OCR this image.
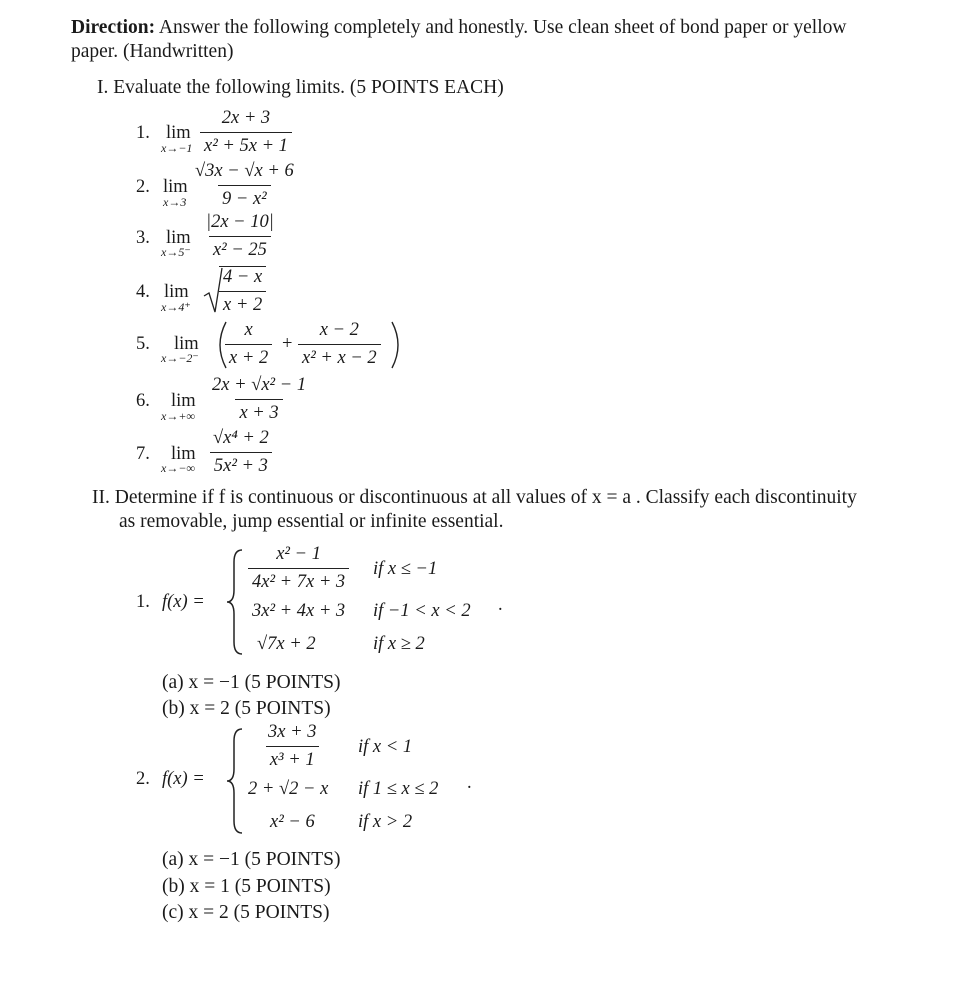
Direction: Answer the following completely and honestly. Use clean sheet of bond paper or yellow
paper. (Handwritten)
I. Evaluate the following limits. (5 POINTS EACH)
1. lim
$x\to-1 \frac{2x + 3}{\text{x² + 5x + 1}}$
2. lim
$x\to 3 \frac{√3x - √x + 6}{\text{9 − x²}}$
3. lim
$x\to 5^- \frac{|2x - 10|}{\text{x² − 25}}$
4. lim
$x\to 4^+ \frac{4 - x}{x + 2}$
5. lim
$x\to-2^- \frac{x}{x + 2} + \frac{x - 2}{\text{x² + x − 2}}$
6. lim
$x\to+\infty \frac{\text{2x + √x² − 1}}{x + 3}$
7. lim
$x\to-\infty \frac{\text{√x⁴ + 2}}{\text{5x² + 3}}$
II. Determine if f is continuous or discontinuous at all values of x = a . Classify each discontinuity
as removable, jump essential or infinite essential.
1. f(x) =
$\frac{\text{x² − 1}}{\text{4x² + 7x + 3}}$ if x ≤ −1
3x² + 4x + 3 if −1 < x < 2
√7x + 2	if x ≥ 2
.
(a) x = −1 (5 POINTS)
(b) x = 2 (5 POINTS)
2. f(x) =
$\frac{3x + 3}{\text{x³ + 1}}$ if x < 1
2 + √2 − x if 1 ≤ x ≤ 2
x² − 6 if x > 2
.
(a) x = −1 (5 POINTS)
(b) x = 1 (5 POINTS)
(c) x = 2 (5 POINTS)
